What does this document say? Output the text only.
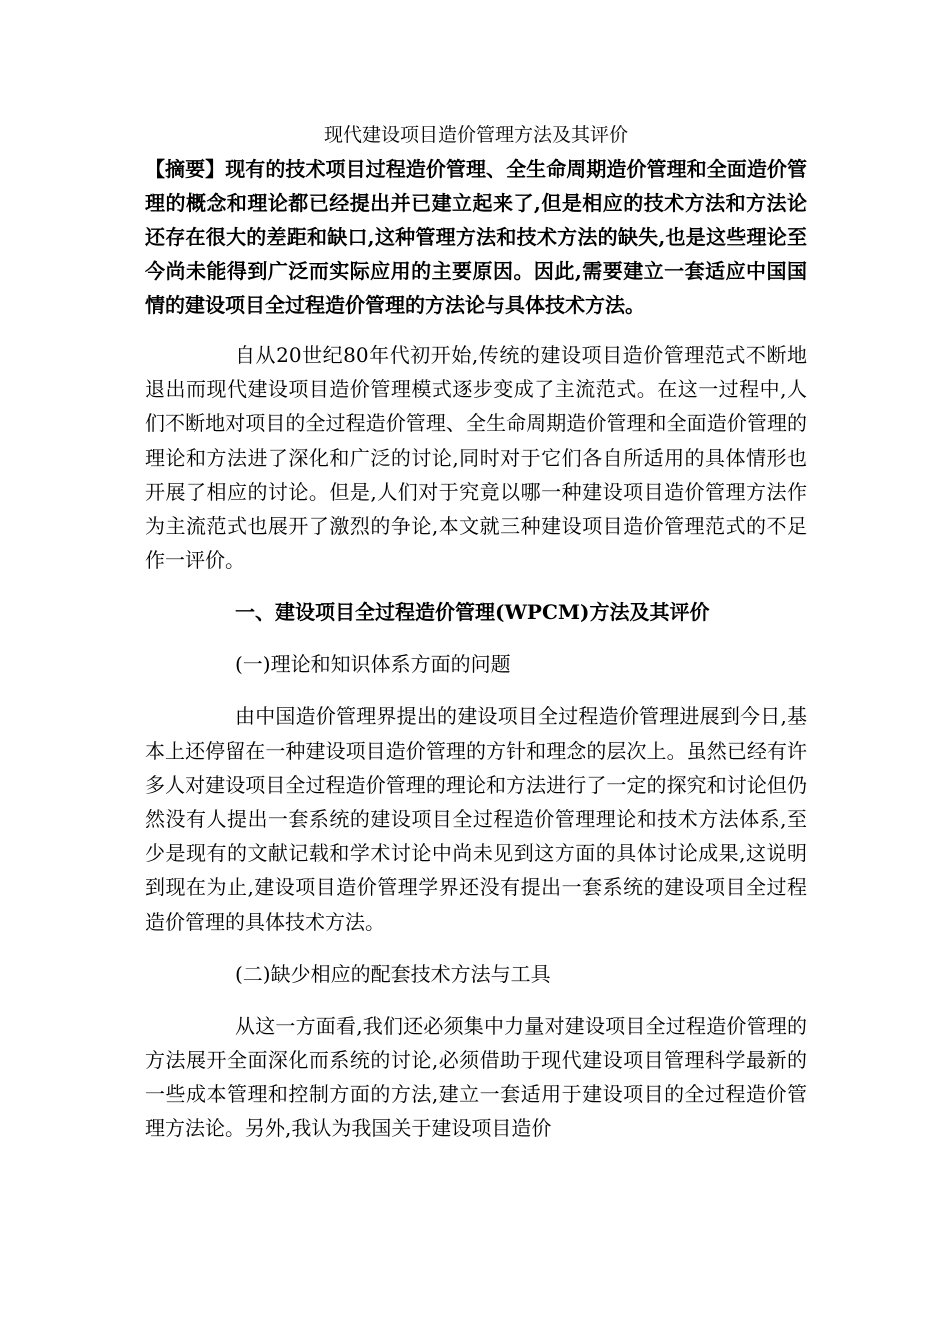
现代建设项目造价管理方法及其评价

【摘要】现有的技术项目过程造价管理、全生命周期造价管理和全面造价管理的概念和理论都已经提出并已建立起来了,但是相应的技术方法和方法论还存在很大的差距和缺口,这种管理方法和技术方法的缺失,也是这些理论至今尚未能得到广泛而实际应用的主要原因。因此,需要建立一套适应中国国情的建设项目全过程造价管理的方法论与具体技术方法。

自从20世纪80年代初开始,传统的建设项目造价管理范式不断地退出而现代建设项目造价管理模式逐步变成了主流范式。在这一过程中,人们不断地对项目的全过程造价管理、全生命周期造价管理和全面造价管理的理论和方法进了深化和广泛的讨论,同时对于它们各自所适用的具体情形也开展了相应的讨论。但是,人们对于究竟以哪一种建设项目造价管理方法作为主流范式也展开了激烈的争论,本文就三种建设项目造价管理范式的不足作一评价。

一、建设项目全过程造价管理(WPCM)方法及其评价

(一)理论和知识体系方面的问题

由中国造价管理界提出的建设项目全过程造价管理进展到今日,基本上还停留在一种建设项目造价管理的方针和理念的层次上。虽然已经有许多人对建设项目全过程造价管理的理论和方法进行了一定的探究和讨论但仍然没有人提出一套系统的建设项目全过程造价管理理论和技术方法体系,至少是现有的文献记载和学术讨论中尚未见到这方面的具体讨论成果,这说明到现在为止,建设项目造价管理学界还没有提出一套系统的建设项目全过程造价管理的具体技术方法。

(二)缺少相应的配套技术方法与工具

从这一方面看,我们还必须集中力量对建设项目全过程造价管理的方法展开全面深化而系统的讨论,必须借助于现代建设项目管理科学最新的一些成本管理和控制方面的方法,建立一套适用于建设项目的全过程造价管理方法论。另外,我认为我国关于建设项目造价
